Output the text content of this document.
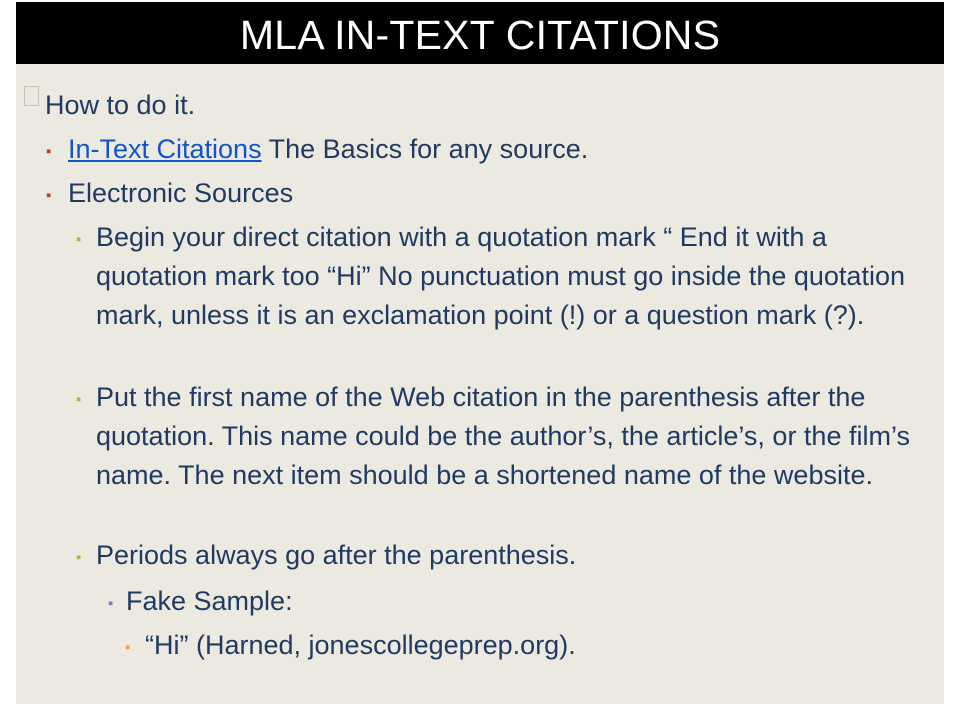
MLA IN-TEXT CITATIONS
How to do it.
▪ In-Text Citations The Basics for any source.
▪ Electronic Sources
▪ Begin your direct citation with a quotation mark “ End it with a quotation mark too “Hi” No punctuation must go inside the quotation mark, unless it is an exclamation point (!) or a question mark (?).
▪ Put the first name of the Web citation in the parenthesis after the quotation. This name could be the author’s, the article’s, or the film’s name. The next item should be a shortened name of the website.
▪ Periods always go after the parenthesis.
▪ Fake Sample:
▪ “Hi” (Harned, jonescollegeprep.org).
